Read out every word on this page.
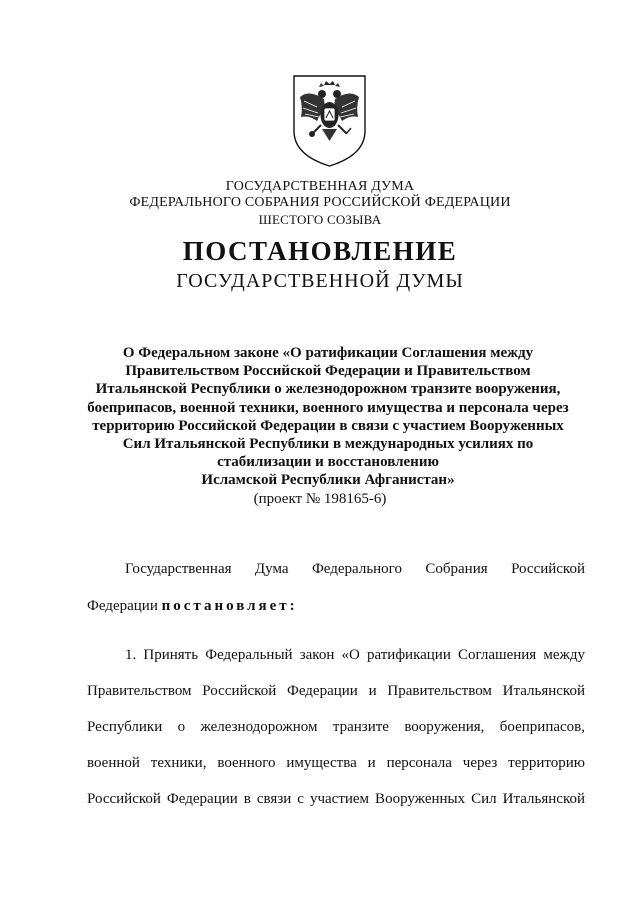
ГОСУДАРСТВЕННАЯ ДУМА
ФЕДЕРАЛЬНОГО СОБРАНИЯ РОССИЙСКОЙ ФЕДЕРАЦИИ
ШЕСТОГО СОЗЫВА
ПОСТАНОВЛЕНИЕ
ГОСУДАРСТВЕННОЙ ДУМЫ
О Федеральном законе «О ратификации Соглашения между
Правительством Российской Федерации и Правительством
Итальянской Республики о железнодорожном транзите вооружения,
боеприпасов, военной техники, военного имущества и персонала через
территорию Российской Федерации в связи с участием Вооруженных
Сил Итальянской Республики в международных усилиях по
стабилизации и восстановлению
Исламской Республики Афганистан»
(проект № 198165-6)
Государственная Дума Федерального Собрания Российской
Федерации постановляет:
1. Принять Федеральный закон «О ратификации Соглашения между
Правительством Российской Федерации и Правительством Итальянской
Республики о железнодорожном транзите вооружения, боеприпасов,
военной техники, военного имущества и персонала через территорию
Российской Федерации в связи с участием Вооруженных Сил Итальянской
